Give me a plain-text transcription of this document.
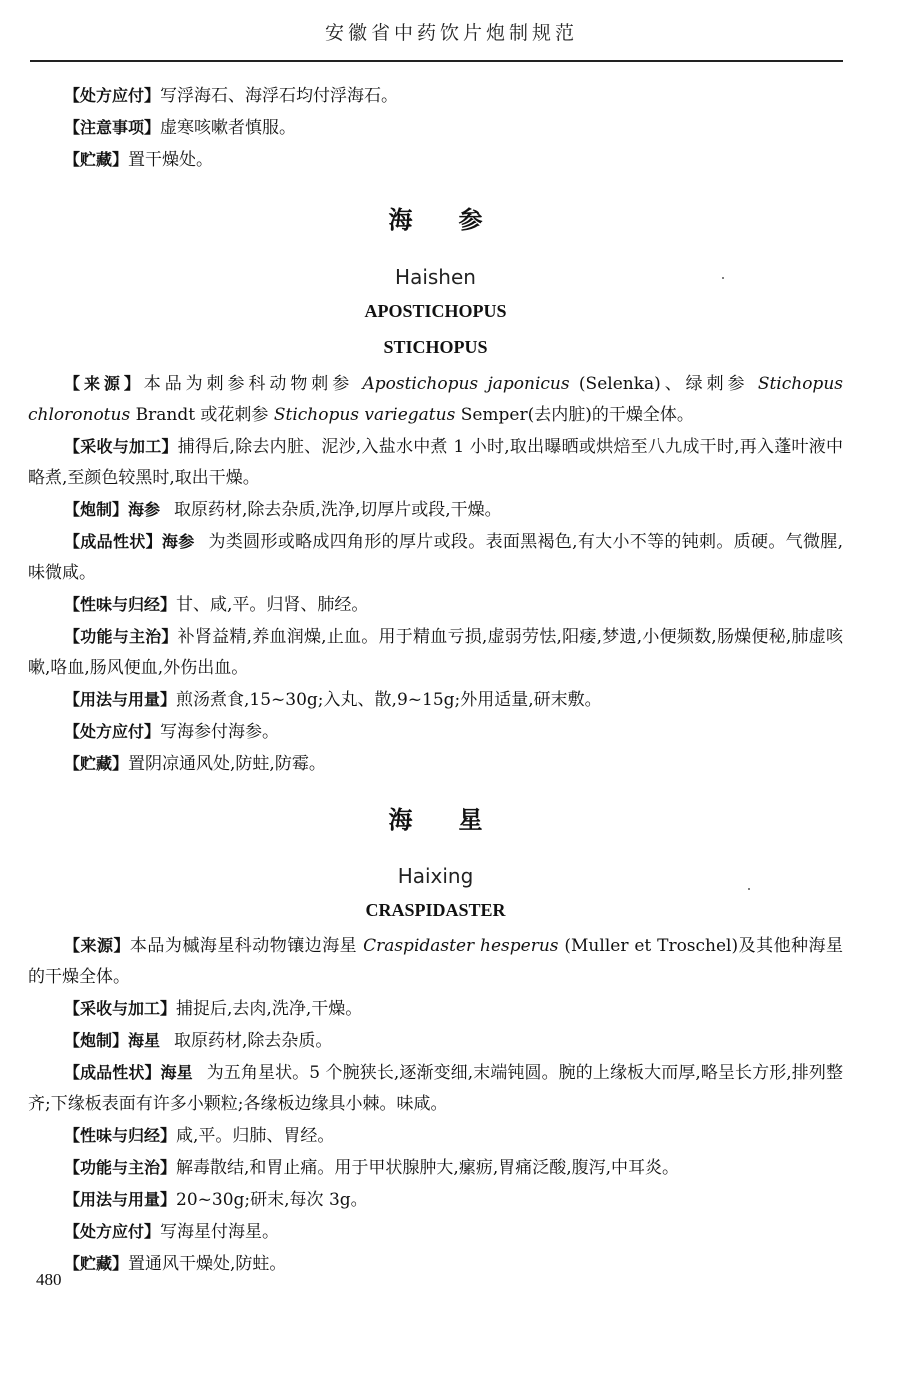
安徽省中药饮片炮制规范

【处方应付】写浮海石、海浮石均付浮海石。

【注意事项】虚寒咳嗽者慎服。

【贮藏】置干燥处。

海参
Haishen
APOSTICHOPUS
STICHOPUS

【来源】本品为刺参科动物刺参 Apostichopus japonicus (Selenka)、绿刺参 Stichopus chloronotus Brandt 或花刺参 Stichopus variegatus Semper(去内脏)的干燥全体。

【采收与加工】捕得后,除去内脏、泥沙,入盐水中煮 1 小时,取出曝晒或烘焙至八九成干时,再入蓬叶液中略煮,至颜色较黑时,取出干燥。

【炮制】海参 取原药材,除去杂质,洗净,切厚片或段,干燥。

【成品性状】海参 为类圆形或略成四角形的厚片或段。表面黑褐色,有大小不等的钝刺。质硬。气微腥,味微咸。

【性味与归经】甘、咸,平。归肾、肺经。

【功能与主治】补肾益精,养血润燥,止血。用于精血亏损,虚弱劳怯,阳痿,梦遗,小便频数,肠燥便秘,肺虚咳嗽,咯血,肠风便血,外伤出血。

【用法与用量】煎汤煮食,15~30g;入丸、散,9~15g;外用适量,研末敷。

【处方应付】写海参付海参。

【贮藏】置阴凉通风处,防蛀,防霉。

海星
Haixing
CRASPIDASTER

【来源】本品为槭海星科动物镶边海星 Craspidaster hesperus (Muller et Troschel)及其他种海星的干燥全体。

【采收与加工】捕捉后,去肉,洗净,干燥。

【炮制】海星 取原药材,除去杂质。

【成品性状】海星 为五角星状。5 个腕狭长,逐渐变细,末端钝圆。腕的上缘板大而厚,略呈长方形,排列整齐;下缘板表面有许多小颗粒;各缘板边缘具小棘。味咸。

【性味与归经】咸,平。归肺、胃经。

【功能与主治】解毒散结,和胃止痛。用于甲状腺肿大,瘰疬,胃痛泛酸,腹泻,中耳炎。

【用法与用量】20~30g;研末,每次 3g。

【处方应付】写海星付海星。

【贮藏】置通风干燥处,防蛀。

480
